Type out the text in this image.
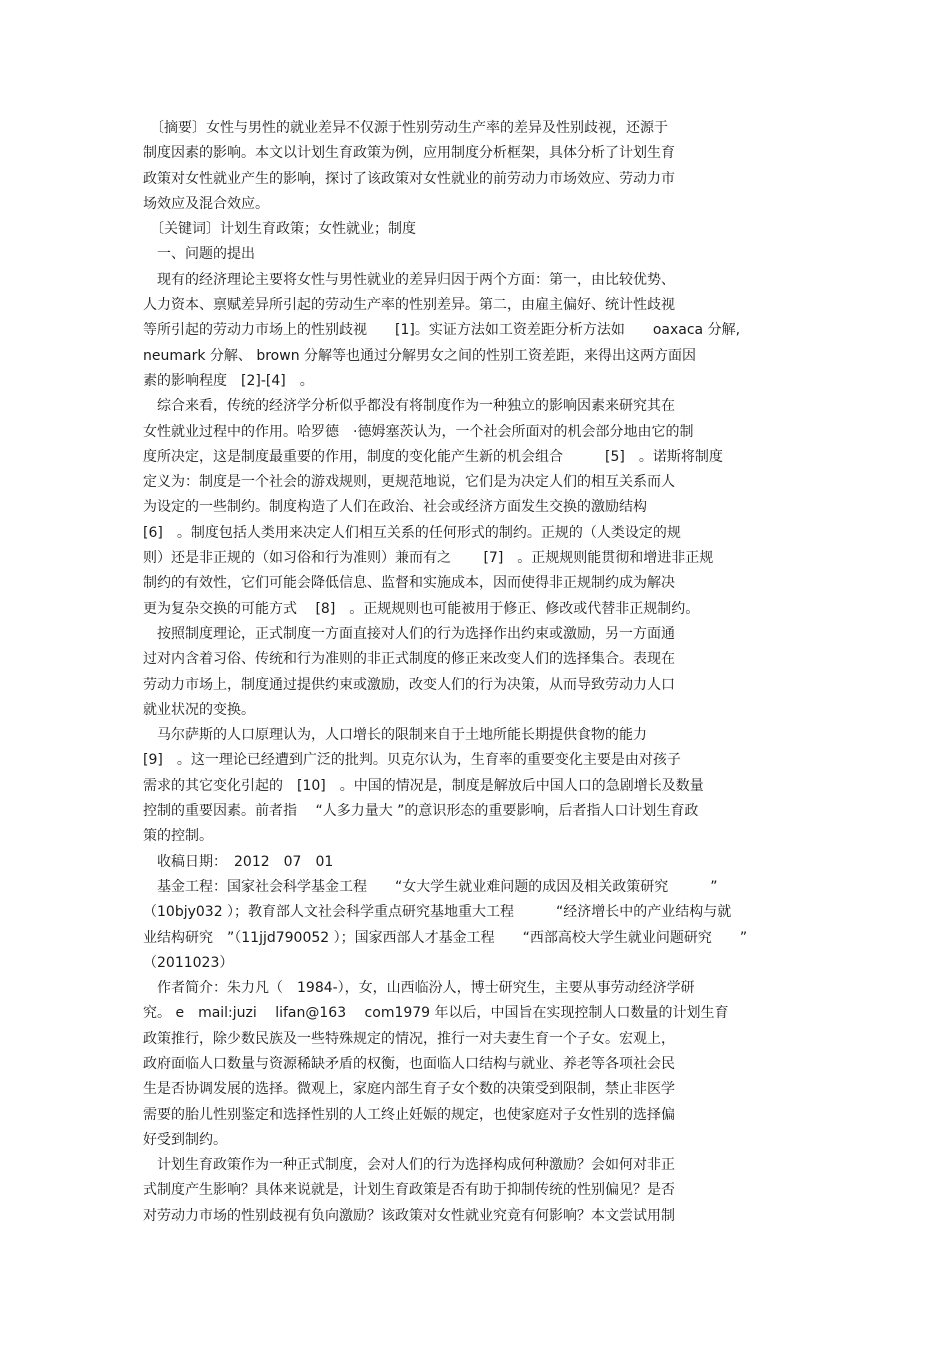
　〔摘要〕女性与男性的就业差异不仅源于性别劳动生产率的差异及性别歧视，还源于
制度因素的影响。本文以计划生育政策为例，应用制度分析框架，具体分析了计划生育
政策对女性就业产生的影响，探讨了该政策对女性就业的前劳动力市场效应、劳动力市
场效应及混合效应。
　〔关键词〕计划生育政策；女性就业；制度
　一、问题的提出
　现有的经济理论主要将女性与男性就业的差异归因于两个方面：第一，由比较优势、
人力资本、禀赋差异所引起的劳动生产率的性别差异。第二，由雇主偏好、统计性歧视
等所引起的劳动力市场上的性别歧视　　[1]。实证方法如工资差距分析方法如　　oaxaca 分解,
neumark 分解、 brown 分解等也通过分解男女之间的性别工资差距，来得出这两方面因
素的影响程度　[2]-[4]　。
　综合来看，传统的经济学分析似乎都没有将制度作为一种独立的影响因素来研究其在
女性就业过程中的作用。哈罗德　·德姆塞茨认为，一个社会所面对的机会部分地由它的制
度所决定，这是制度最重要的作用，制度的变化能产生新的机会组合　　　[5]　。诺斯将制度
定义为：制度是一个社会的游戏规则，更规范地说，它们是为决定人们的相互关系而人
为设定的一些制约。制度构造了人们在政治、社会或经济方面发生交换的激励结构
[6]　。制度包括人类用来决定人们相互关系的任何形式的制约。正规的（人类设定的规
则）还是非正规的（如习俗和行为准则）兼而有之　　 [7]　。正规规则能贯彻和增进非正规
制约的有效性，它们可能会降低信息、监督和实施成本，因而使得非正规制约成为解决
更为复杂交换的可能方式　 [8]　。正规规则也可能被用于修正、修改或代替非正规制约。
　按照制度理论，正式制度一方面直接对人们的行为选择作出约束或激励，另一方面通
过对内含着习俗、传统和行为准则的非正式制度的修正来改变人们的选择集合。表现在
劳动力市场上，制度通过提供约束或激励，改变人们的行为决策，从而导致劳动力人口
就业状况的变换。
　马尔萨斯的人口原理认为，人口增长的限制来自于土地所能长期提供食物的能力
[9]　。这一理论已经遭到广泛的批判。贝克尔认为，生育率的重要变化主要是由对孩子
需求的其它变化引起的　[10]　。中国的情况是，制度是解放后中国人口的急剧增长及数量
控制的重要因素。前者指　 “人多力量大 ”的意识形态的重要影响，后者指人口计划生育政
策的控制。
　收稿日期：　2012　07　01
　基金工程：国家社会科学基金工程　　“女大学生就业难问题的成因及相关政策研究　　　”
（10bjy032 ）；教育部人文社会科学重点研究基地重大工程　　　“经济增长中的产业结构与就
业结构研究　”（11jjd790052 ）；国家西部人才基金工程　　“西部高校大学生就业问题研究　　”
（2011023）
　作者简介：朱力凡（　1984-），女，山西临汾人，博士研究生，主要从事劳动经济学研
究。 e　mail:juzi　 lifan@163　 com1979 年以后，中国旨在实现控制人口数量的计划生育
政策推行，除少数民族及一些特殊规定的情况，推行一对夫妻生育一个子女。宏观上，
政府面临人口数量与资源稀缺矛盾的权衡，也面临人口结构与就业、养老等各项社会民
生是否协调发展的选择。微观上，家庭内部生育子女个数的决策受到限制，禁止非医学
需要的胎儿性别鉴定和选择性别的人工终止妊娠的规定，也使家庭对子女性别的选择偏
好受到制约。
　计划生育政策作为一种正式制度，会对人们的行为选择构成何种激励？会如何对非正
式制度产生影响？具体来说就是，计划生育政策是否有助于抑制传统的性别偏见？是否
对劳动力市场的性别歧视有负向激励？该政策对女性就业究竟有何影响？本文尝试用制
